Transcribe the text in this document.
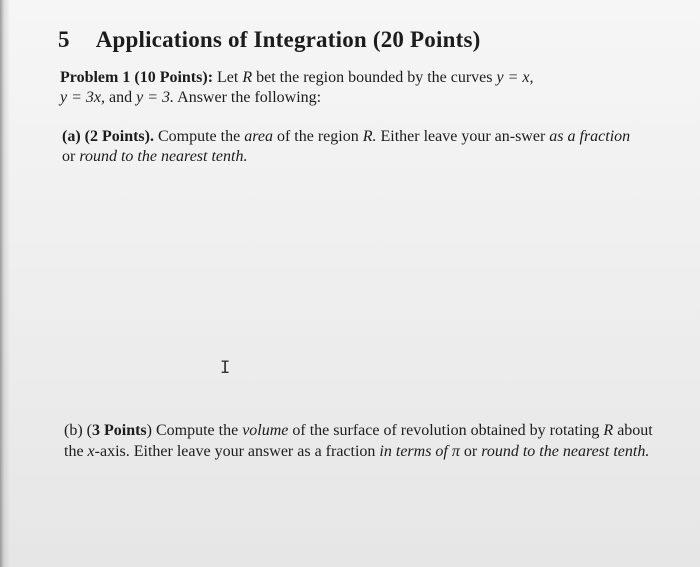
5 Applications of Integration (20 Points)

Problem 1 (10 Points): Let R bet the region bounded by the curves y = x,
y = 3x, and y = 3. Answer the following:

(a) (2 Points). Compute the area of the region R. Either leave your an-swer as a fraction or round to the nearest tenth.

I

(b) (3 Points) Compute the volume of the surface of revolution obtained by rotating R about the x-axis. Either leave your answer as a fraction in terms of π or round to the nearest tenth.
